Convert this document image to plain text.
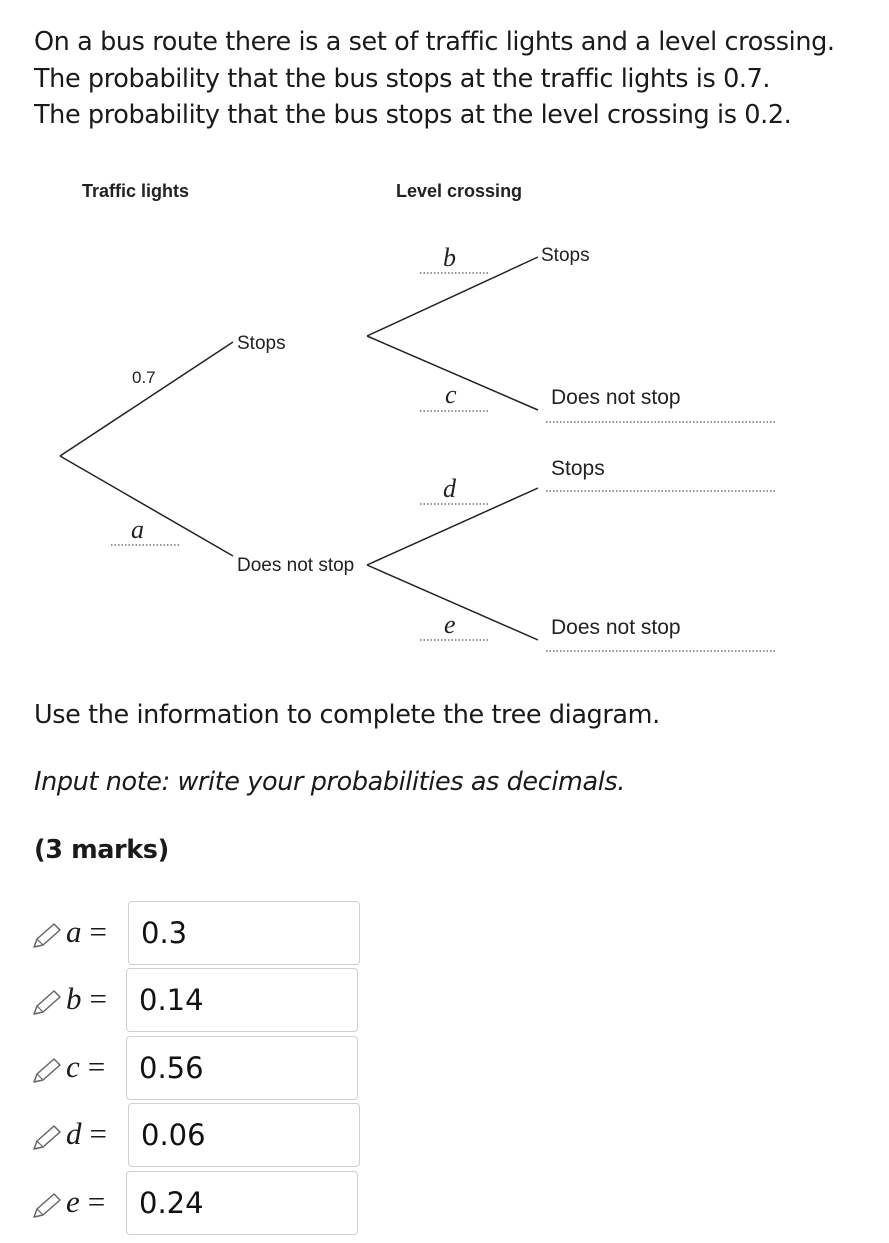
On a bus route there is a set of traffic lights and a level crossing.

The probability that the bus stops at the traffic lights is 0.7.

The probability that the bus stops at the level crossing is 0.2.

Traffic lights	Level crossing
Stops
Does not stop
0.7
a
Stops
Does not stop
b
c
Stops
Does not stop
d
e
Use the information to complete the tree diagram.
Input note: write your probabilities as decimals.
(3 marks)
a = 0.3
b = 0.14
c = 0.56
d = 0.06
e = 0.24
